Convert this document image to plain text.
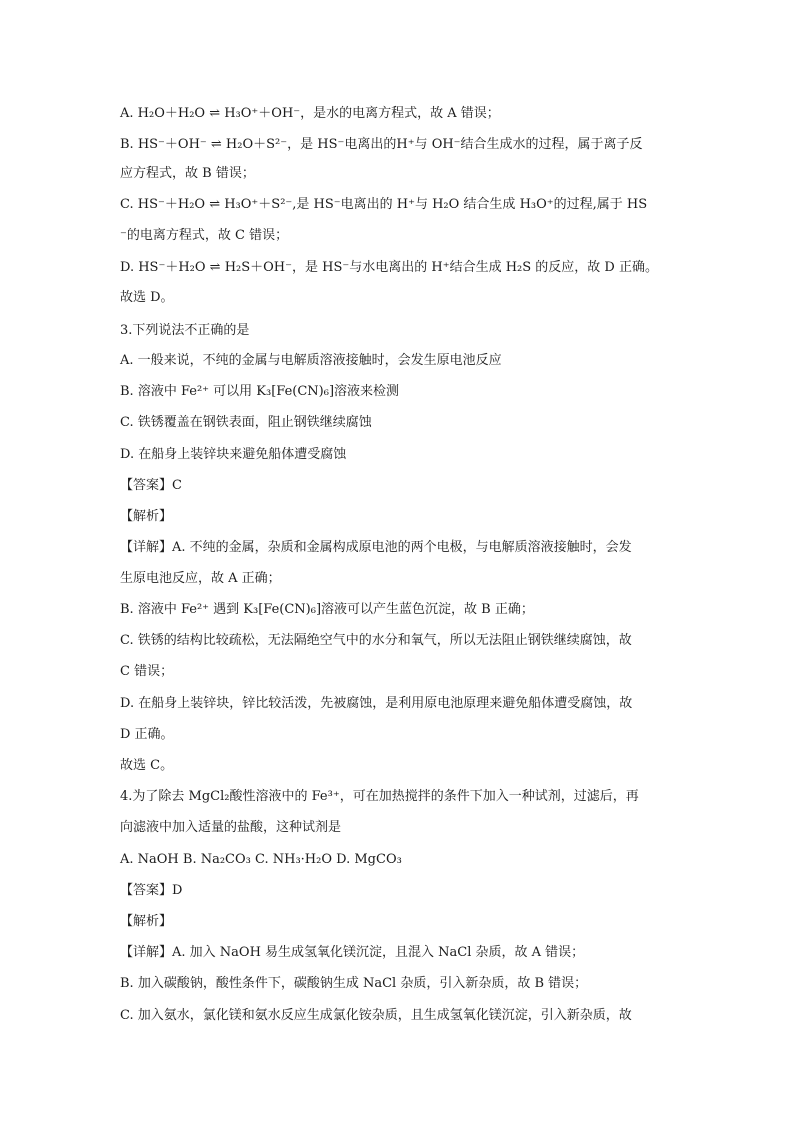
A. H₂O＋H₂O ⇌ H₃O⁺＋OH⁻，是水的电离方程式，故 A 错误；
B. HS⁻＋OH⁻ ⇌ H₂O＋S²⁻，是 HS⁻电离出的H⁺与 OH⁻结合生成水的过程，属于离子反
应方程式，故 B 错误；
C. HS⁻＋H₂O ⇌ H₃O⁺＋S²⁻,是 HS⁻电离出的 H⁺与 H₂O 结合生成 H₃O⁺的过程,属于 HS
⁻的电离方程式，故 C 错误；
D. HS⁻＋H₂O ⇌ H₂S＋OH⁻，是 HS⁻与水电离出的 H⁺结合生成 H₂S 的反应，故 D 正确。
故选 D。
3.下列说法不正确的是
A. 一般来说，不纯的金属与电解质溶液接触时，会发生原电池反应
B. 溶液中 Fe²⁺ 可以用 K₃[Fe(CN)₆]溶液来检测
C. 铁锈覆盖在钢铁表面，阻止钢铁继续腐蚀
D. 在船身上装锌块来避免船体遭受腐蚀
【答案】C
【解析】
【详解】A. 不纯的金属，杂质和金属构成原电池的两个电极，与电解质溶液接触时，会发
生原电池反应，故 A 正确；
B. 溶液中 Fe²⁺ 遇到 K₃[Fe(CN)₆]溶液可以产生蓝色沉淀，故 B 正确；
C. 铁锈的结构比较疏松，无法隔绝空气中的水分和氧气，所以无法阻止钢铁继续腐蚀，故
C 错误；
D. 在船身上装锌块，锌比较活泼，先被腐蚀，是利用原电池原理来避免船体遭受腐蚀，故
D 正确。
故选 C。
4.为了除去 MgCl₂酸性溶液中的 Fe³⁺，可在加热搅拌的条件下加入一种试剂，过滤后，再
向滤液中加入适量的盐酸，这种试剂是
A. NaOH B. Na₂CO₃ C. NH₃·H₂O D. MgCO₃
【答案】D
【解析】
【详解】A. 加入 NaOH 易生成氢氧化镁沉淀，且混入 NaCl 杂质，故 A 错误；
B. 加入碳酸钠，酸性条件下，碳酸钠生成 NaCl 杂质，引入新杂质，故 B 错误；
C. 加入氨水，氯化镁和氨水反应生成氯化铵杂质，且生成氢氧化镁沉淀，引入新杂质，故
